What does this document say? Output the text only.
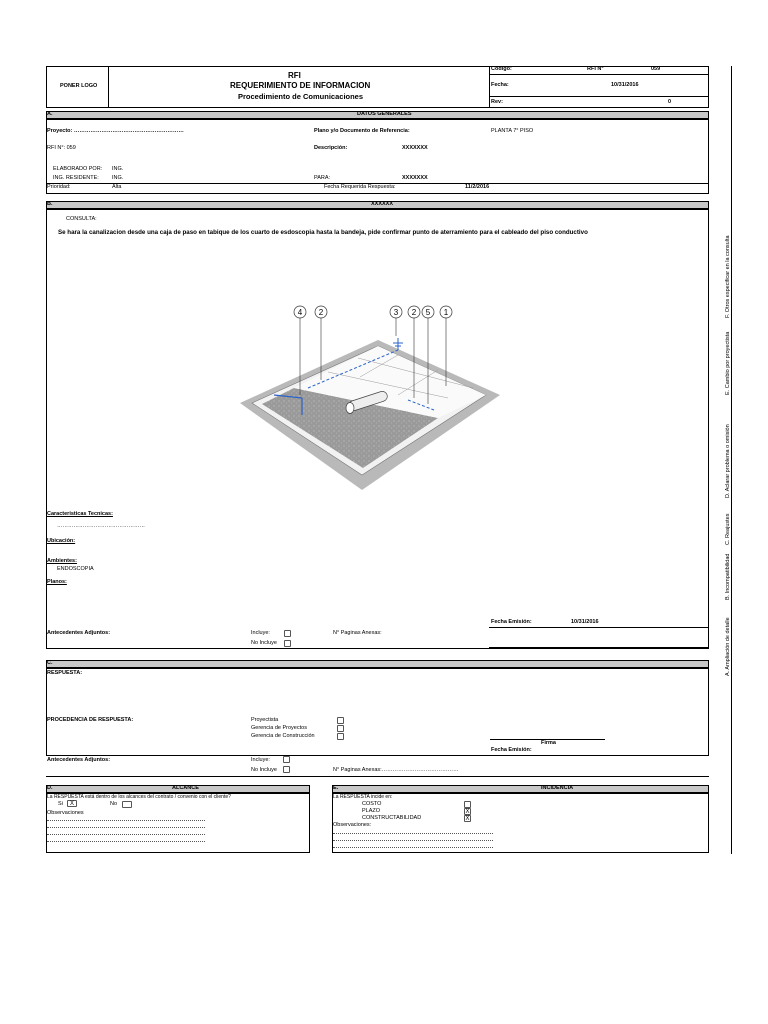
PONER LOGO
RFI
REQUERIMIENTO DE INFORMACION
Procedimiento de Comunicaciones
Codigo:	RFI N°	059
Fecha:	10/31/2016
Rev:	0
A.	DATOS GENERALES
Proyecto: ……………………………………………………	Plano y/o Documento de Referencia:	PLANTA 7° PISO
RFI N°: 059	Descripción:	XXXXXXX
ELABORADO POR: ING.
ING. RESIDENTE: ING.	PARA:	XXXXXXX
Prioridad:	Alta	Fecha Requerida Respuesta:	11/2/2016
B.	XXXXXX
CONSULTA:
Se hara la canalizacion desde una caja de paso en tabique de los cuarto de esdoscopia hasta la bandeja, pide confirmar punto de aterramiento para el cableado del piso conductivo
4 2	3 2 5 1
Caracteristicas Tecnicas:
…………………………………………
Ubicación:
Ambientes:
ENDOSCOPIA
Planos:
Fecha Emisión:	10/31/2016
Antecedentes Adjuntos:	Incluye:	N° Paginas Anexas:
No Incluye
C.
RESPUESTA:
PROCEDENCIA DE RESPUESTA:	Proyectista
Gerencia de Proyectos
Gerencia de Construcción
Firma
Fecha Emisión:
Antecedentes Adjuntos:	Incluye:
No Incluye	N° Paginas Anexas:……………………………………
D.	ALCANCE
La RESPUESTA está dentro de los alcances del contrato / convenio con el cliente?
Si	X	No
Observaciones
E.	INCIDENCIA
La RESPUESTA incide en:
COSTO
PLAZO	X
CONSTRUCTABILIDAD	X
Observaciones:
A. Ampliación de detalle
B. Incompatibilidad
C. Reajustes
D. Aclarar problema o omisión
E. Cambio por proyectista
F. Otros especificar en la consulta
